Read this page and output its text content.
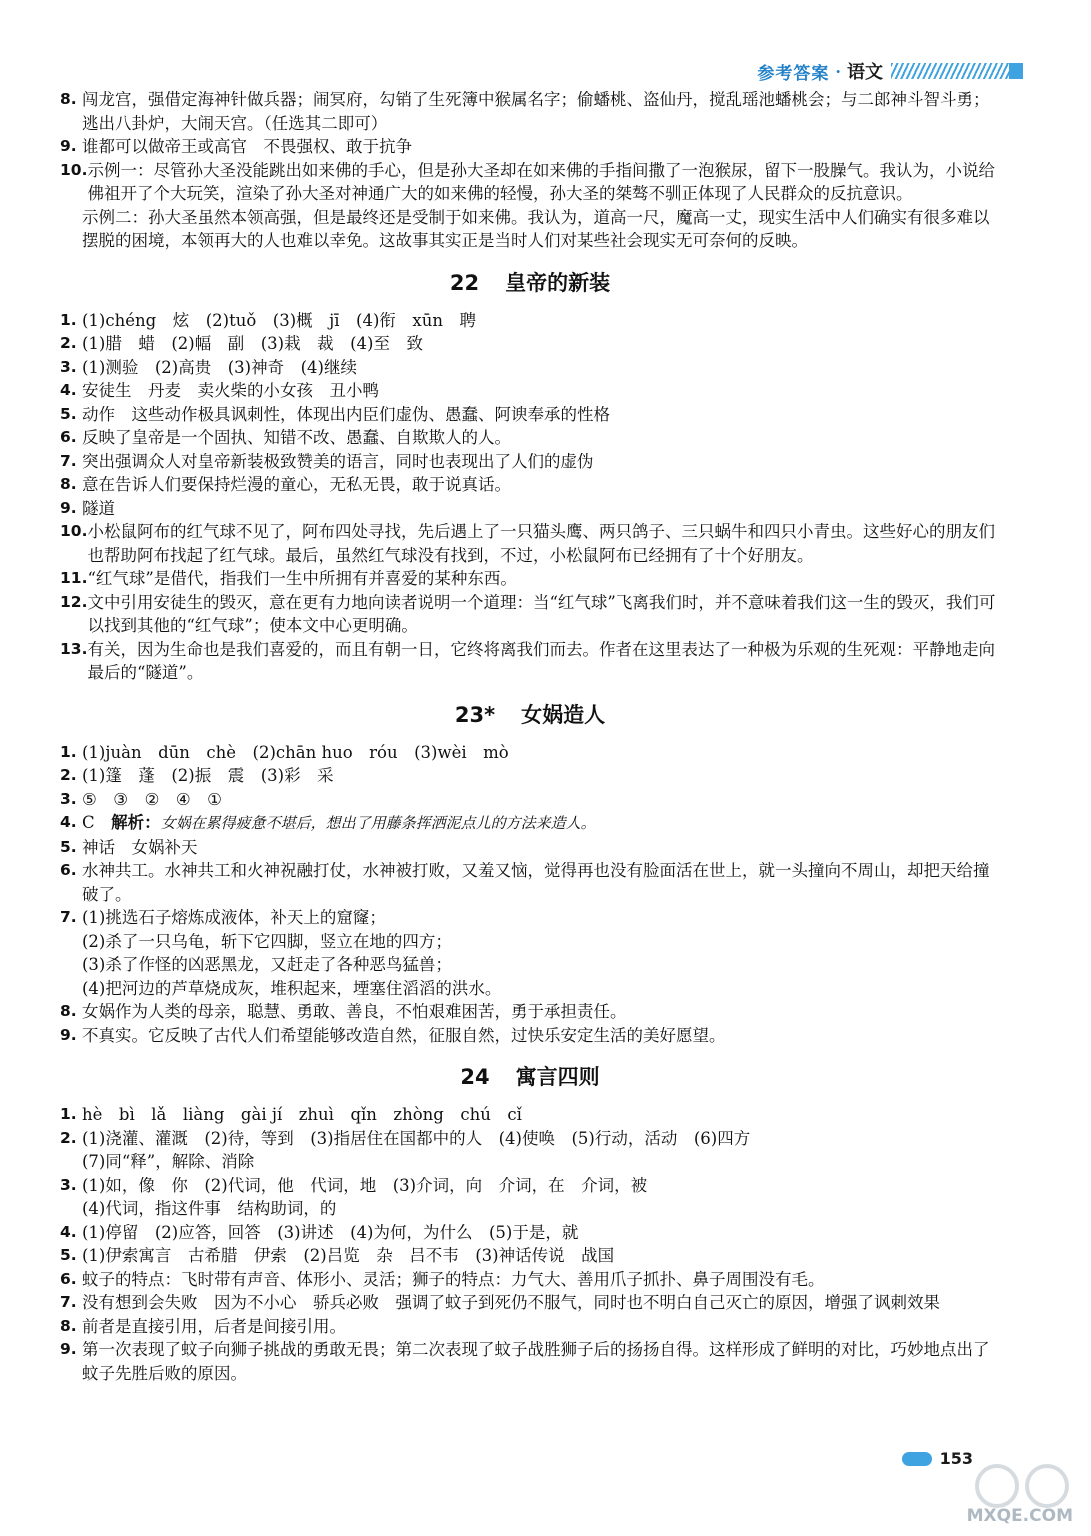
参考答案 · 语文
8. 闯龙宫，强借定海神针做兵器；闹冥府，勾销了生死簿中猴属名字；偷蟠桃、盗仙丹，搅乱瑶池蟠桃会；与二郎神斗智斗勇；逃出八卦炉，大闹天宫。（任选其二即可）
9. 谁都可以做帝王或高官　不畏强权、敢于抗争
10. 示例一：尽管孙大圣没能跳出如来佛的手心，但是孙大圣却在如来佛的手指间撒了一泡猴尿，留下一股臊气。我认为，小说给佛祖开了个大玩笑，渲染了孙大圣对神通广大的如来佛的轻慢，孙大圣的桀骜不驯正体现了人民群众的反抗意识。
示例二：孙大圣虽然本领高强，但是最终还是受制于如来佛。我认为，道高一尺，魔高一丈，现实生活中人们确实有很多难以摆脱的困境，本领再大的人也难以幸免。这故事其实正是当时人们对某些社会现实无可奈何的反映。
22 皇帝的新装
1. (1)chéng　炫　(2)tuǒ　(3)概　jī　(4)衔　xūn　聘
2. (1)腊　蜡　(2)幅　副　(3)栽　裁　(4)至　致
3. (1)测验　(2)高贵　(3)神奇　(4)继续
4. 安徒生　丹麦　卖火柴的小女孩　丑小鸭
5. 动作　这些动作极具讽刺性，体现出内臣们虚伪、愚蠢、阿谀奉承的性格
6. 反映了皇帝是一个固执、知错不改、愚蠢、自欺欺人的人。
7. 突出强调众人对皇帝新装极致赞美的语言，同时也表现出了人们的虚伪
8. 意在告诉人们要保持烂漫的童心，无私无畏，敢于说真话。
9. 隧道
10. 小松鼠阿布的红气球不见了，阿布四处寻找，先后遇上了一只猫头鹰、两只鸽子、三只蜗牛和四只小青虫。这些好心的朋友们也帮助阿布找起了红气球。最后，虽然红气球没有找到，不过，小松鼠阿布已经拥有了十个好朋友。
11. “红气球”是借代，指我们一生中所拥有并喜爱的某种东西。
12. 文中引用安徒生的毁灭，意在更有力地向读者说明一个道理：当“红气球”飞离我们时，并不意味着我们这一生的毁灭，我们可以找到其他的“红气球”；使本文中心更明确。
13. 有关，因为生命也是我们喜爱的，而且有朝一日，它终将离我们而去。作者在这里表达了一种极为乐观的生死观：平静地走向最后的“隧道”。
23* 女娲造人
1. (1)juàn　dūn　chè　(2)chān huo　róu　(3)wèi　mò
2. (1)篷　蓬　(2)振　震　(3)彩　采
3. ⑤　③　②　④　①
4. C　解析：女娲在累得疲惫不堪后，想出了用藤条挥洒泥点儿的方法来造人。
5. 神话　女娲补天
6. 水神共工。水神共工和火神祝融打仗，水神被打败，又羞又恼，觉得再也没有脸面活在世上，就一头撞向不周山，却把天给撞破了。
7. (1)挑选石子熔炼成液体，补天上的窟窿；
(2)杀了一只乌龟，斩下它四脚，竖立在地的四方；
(3)杀了作怪的凶恶黑龙，又赶走了各种恶鸟猛兽；
(4)把河边的芦草烧成灰，堆积起来，堙塞住滔滔的洪水。
8. 女娲作为人类的母亲，聪慧、勇敢、善良，不怕艰难困苦，勇于承担责任。
9. 不真实。它反映了古代人们希望能够改造自然，征服自然，过快乐安定生活的美好愿望。
24 寓言四则
1. hè　bì　lǎ　liàng　gài jí　zhuì　qǐn　zhòng　chú　cǐ
2. (1)浇灌、灌溉　(2)待，等到　(3)指居住在国都中的人　(4)使唤　(5)行动，活动　(6)四方
(7)同“释”，解除、消除
3. (1)如，像　你　(2)代词，他　代词，地　(3)介词，向　介词，在　介词，被
(4)代词，指这件事　结构助词，的
4. (1)停留　(2)应答，回答　(3)讲述　(4)为何，为什么　(5)于是，就
5. (1)伊索寓言　古希腊　伊索　(2)吕览　杂　吕不韦　(3)神话传说　战国
6. 蚊子的特点：飞时带有声音、体形小、灵活；狮子的特点：力气大、善用爪子抓扑、鼻子周围没有毛。
7. 没有想到会失败　因为不小心　骄兵必败　强调了蚊子到死仍不服气，同时也不明白自己灭亡的原因，增强了讽刺效果
8. 前者是直接引用，后者是间接引用。
9. 第一次表现了蚊子向狮子挑战的勇敢无畏；第二次表现了蚊子战胜狮子后的扬扬自得。这样形成了鲜明的对比，巧妙地点出了蚊子先胜后败的原因。
153
MXQE.COM
